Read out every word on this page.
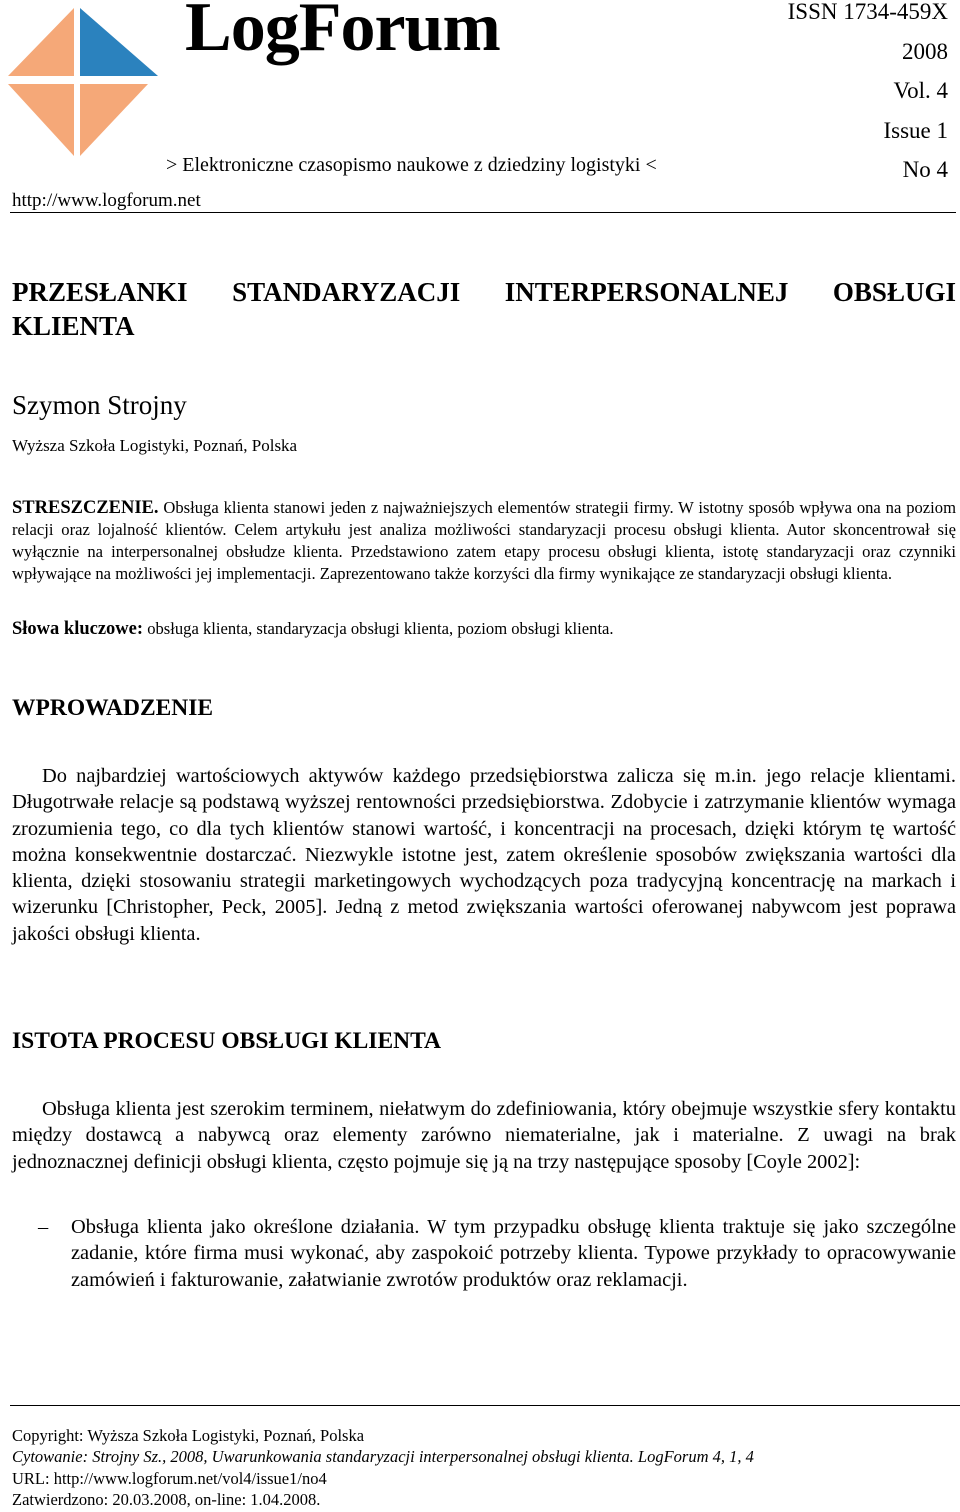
LogForum
> Elektroniczne czasopismo naukowe z dziedziny logistyki <
http://www.logforum.net
ISSN 1734-459X
2008
Vol. 4
Issue 1
No 4
PRZESŁANKI STANDARYZACJI INTERPERSONALNEJ OBSŁUGI
KLIENTA
Szymon Strojny
Wyższa Szkoła Logistyki, Poznań, Polska
STRESZCZENIE. Obsługa klienta stanowi jeden z najważniejszych elementów strategii firmy. W istotny sposób wpływa ona na poziom relacji oraz lojalność klientów. Celem artykułu jest analiza możliwości standaryzacji procesu obsługi klienta. Autor skoncentrował się wyłącznie na interpersonalnej obsłudze klienta. Przedstawiono zatem etapy procesu obsługi klienta, istotę standaryzacji oraz czynniki wpływające na możliwości jej implementacji. Zaprezentowano także korzyści dla firmy wynikające ze standaryzacji obsługi klienta.
Słowa kluczowe: obsługa klienta, standaryzacja obsługi klienta, poziom obsługi klienta.
WPROWADZENIE

Do najbardziej wartościowych aktywów każdego przedsiębiorstwa zalicza się m.in. jego relacje klientami. Długotrwałe relacje są podstawą wyższej rentowności przedsiębiorstwa. Zdobycie i zatrzymanie klientów wymaga zrozumienia tego, co dla tych klientów stanowi wartość, i koncentracji na procesach, dzięki którym tę wartość można konsekwentnie dostarczać. Niezwykle istotne jest, zatem określenie sposobów zwiększania wartości dla klienta, dzięki stosowaniu strategii marketingowych wychodzących poza tradycyjną koncentrację na markach i wizerunku [Christopher, Peck, 2005]. Jedną z metod zwiększania wartości oferowanej nabywcom jest poprawa jakości obsługi klienta.

ISTOTA PROCESU OBSŁUGI KLIENTA

Obsługa klienta jest szerokim terminem, niełatwym do zdefiniowania, który obejmuje wszystkie sfery kontaktu między dostawcą a nabywcą oraz elementy zarówno niematerialne, jak i materialne. Z uwagi na brak jednoznacznej definicji obsługi klienta, często pojmuje się ją na trzy następujące sposoby [Coyle 2002]:

– Obsługa klienta jako określone działania. W tym przypadku obsługę klienta traktuje się jako szczególne zadanie, które firma musi wykonać, aby zaspokoić potrzeby klienta. Typowe przykłady to opracowywanie zamówień i fakturowanie, załatwianie zwrotów produktów oraz reklamacji.
Copyright: Wyższa Szkoła Logistyki, Poznań, Polska
Cytowanie: Strojny Sz., 2008, Uwarunkowania standaryzacji interpersonalnej obsługi klienta. LogForum 4, 1, 4
URL: http://www.logforum.net/vol4/issue1/no4
Zatwierdzono: 20.03.2008, on-line: 1.04.2008.
